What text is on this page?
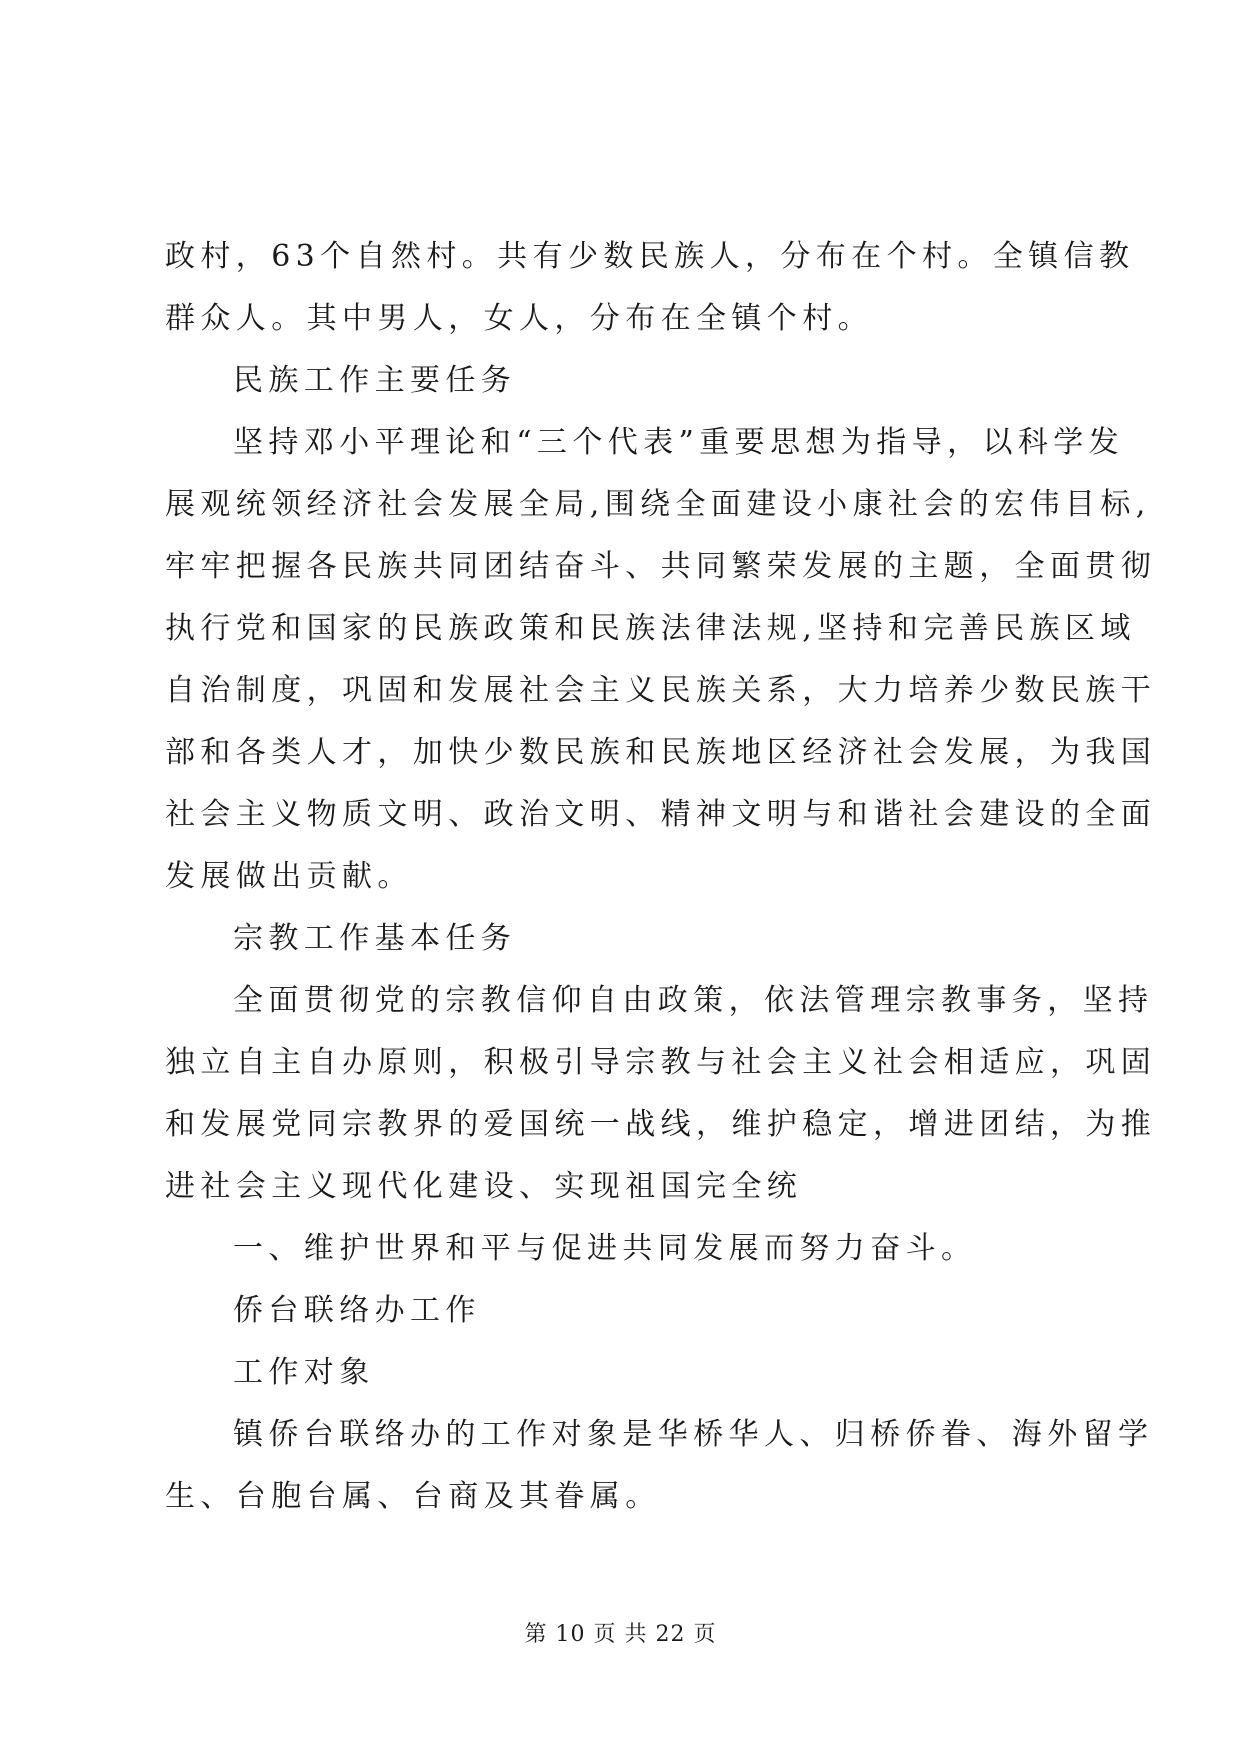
政村，63个自然村。共有少数民族人，分布在个村。全镇信教
群众人。其中男人，女人，分布在全镇个村。
民族工作主要任务
坚持邓小平理论和“三个代表”重要思想为指导，以科学发
展观统领经济社会发展全局,围绕全面建设小康社会的宏伟目标,
牢牢把握各民族共同团结奋斗、共同繁荣发展的主题，全面贯彻
执行党和国家的民族政策和民族法律法规,坚持和完善民族区域
自治制度，巩固和发展社会主义民族关系，大力培养少数民族干
部和各类人才，加快少数民族和民族地区经济社会发展，为我国
社会主义物质文明、政治文明、精神文明与和谐社会建设的全面
发展做出贡献。
宗教工作基本任务
全面贯彻党的宗教信仰自由政策，依法管理宗教事务，坚持
独立自主自办原则，积极引导宗教与社会主义社会相适应，巩固
和发展党同宗教界的爱国统一战线，维护稳定，增进团结，为推
进社会主义现代化建设、实现祖国完全统
一、维护世界和平与促进共同发展而努力奋斗。
侨台联络办工作
工作对象
镇侨台联络办的工作对象是华桥华人、归桥侨眷、海外留学
生、台胞台属、台商及其眷属。
第 10 页 共 22 页
